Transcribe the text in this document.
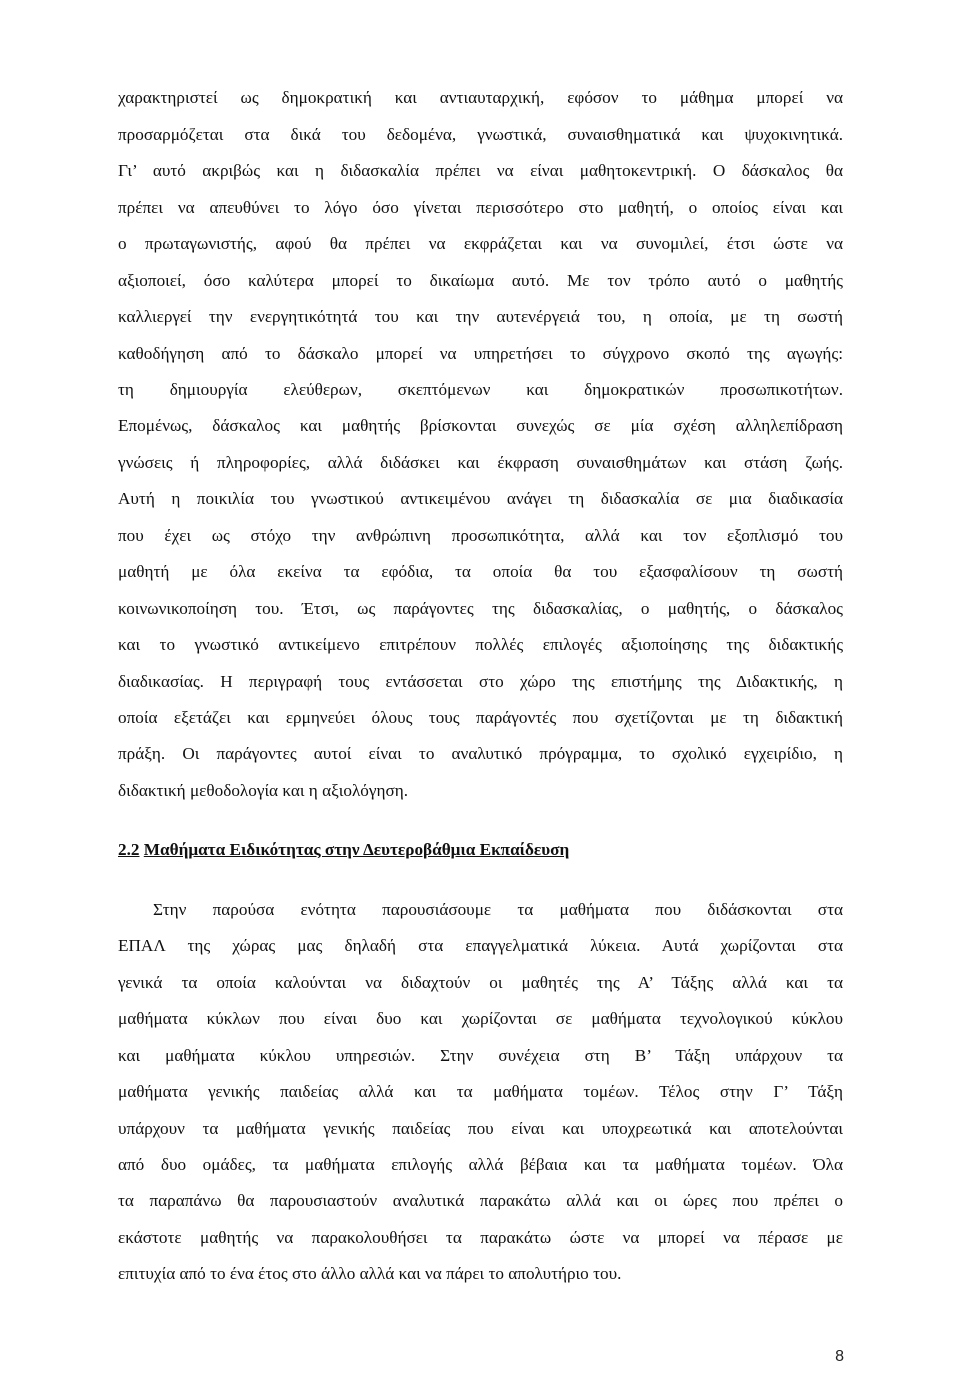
χαρακτηριστεί ως δημοκρατική και αντιαυταρχική, εφόσον το μάθημα μπορεί να
προσαρμόζεται στα δικά του δεδομένα, γνωστικά, συναισθηματικά και ψυχοκινητικά.
Γι’ αυτό ακριβώς και η διδασκαλία πρέπει να είναι μαθητοκεντρική. Ο δάσκαλος θα
πρέπει να απευθύνει το λόγο όσο γίνεται περισσότερο στο μαθητή, ο οποίος είναι και
ο πρωταγωνιστής, αφού θα πρέπει να εκφράζεται και να συνομιλεί, έτσι ώστε να
αξιοποιεί, όσο καλύτερα μπορεί το δικαίωμα αυτό. Με τον τρόπο αυτό ο μαθητής
καλλιεργεί την ενεργητικότητά του και την αυτενέργειά του, η οποία, με τη σωστή
καθοδήγηση από το δάσκαλο μπορεί να υπηρετήσει το σύγχρονο σκοπό της αγωγής:
τη δημιουργία ελεύθερων, σκεπτόμενων και δημοκρατικών προσωπικοτήτων.
Επομένως, δάσκαλος και μαθητής βρίσκονται συνεχώς σε μία σχέση αλληλεπίδραση
γνώσεις ή πληροφορίες, αλλά διδάσκει και έκφραση συναισθημάτων και στάση ζωής.
Αυτή η ποικιλία του γνωστικού αντικειμένου ανάγει τη διδασκαλία σε μια διαδικασία
που έχει ως στόχο την ανθρώπινη προσωπικότητα, αλλά και τον εξοπλισμό του
μαθητή με όλα εκείνα τα εφόδια, τα οποία θα του εξασφαλίσουν τη σωστή
κοινωνικοποίηση του. Έτσι, ως παράγοντες της διδασκαλίας, ο μαθητής, ο δάσκαλος
και το γνωστικό αντικείμενο επιτρέπουν πολλές επιλογές αξιοποίησης της διδακτικής
διαδικασίας. Η περιγραφή τους εντάσσεται στο χώρο της επιστήμης της Διδακτικής, η
οποία εξετάζει και ερμηνεύει όλους τους παράγοντές που σχετίζονται με τη διδακτική
πράξη. Οι παράγοντες αυτοί είναι το αναλυτικό πρόγραμμα, το σχολικό εγχειρίδιο, η
διδακτική μεθοδολογία και η αξιολόγηση.
2.2 Μαθήματα Ειδικότητας στην Δευτεροβάθμια Εκπαίδευση
Στην παρούσα ενότητα παρουσιάσουμε τα μαθήματα που διδάσκονται στα
ΕΠΑΛ της χώρας μας δηλαδή στα επαγγελματικά λύκεια. Αυτά χωρίζονται στα
γενικά τα οποία καλούνται να διδαχτούν οι μαθητές της Α’ Τάξης αλλά και τα
μαθήματα κύκλων που είναι δυο και χωρίζονται σε μαθήματα τεχνολογικού κύκλου
και μαθήματα κύκλου υπηρεσιών. Στην συνέχεια στη Β’ Τάξη υπάρχουν τα
μαθήματα γενικής παιδείας αλλά και τα μαθήματα τομέων. Τέλος στην Γ’ Τάξη
υπάρχουν τα μαθήματα γενικής παιδείας που είναι και υποχρεωτικά και αποτελούνται
από δυο ομάδες, τα μαθήματα επιλογής αλλά βέβαια και τα μαθήματα τομέων. Όλα
τα παραπάνω θα παρουσιαστούν αναλυτικά παρακάτω αλλά και οι ώρες που πρέπει ο
εκάστοτε μαθητής να παρακολουθήσει τα παρακάτω ώστε να μπορεί να πέρασε με
επιτυχία από το ένα έτος στο άλλο αλλά και να πάρει το απολυτήριο του.
8
